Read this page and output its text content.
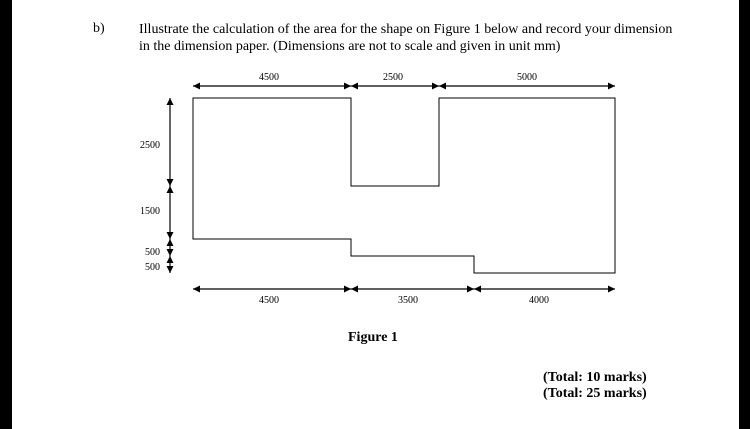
b) Illustrate the calculation of the area for the shape on Figure 1 below and record your dimension in the dimension paper. (Dimensions are not to scale and given in unit mm)
4500	2500	5000
4500	3500	4000
2500
1500
500
500
Figure 1
(Total: 10 marks)
(Total: 25 marks)
